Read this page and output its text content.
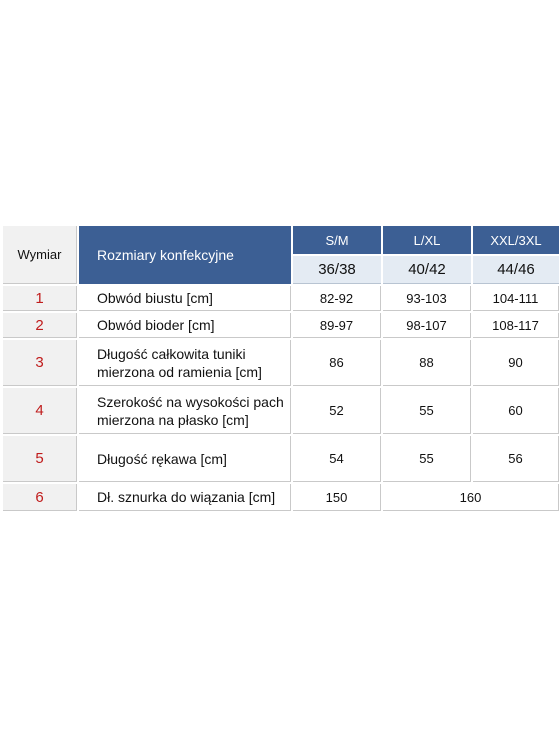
Wymiar	Rozmiary konfekcyjne	S/M	L/XL	XXL/3XL
		36/38	40/42	44/46
1	Obwód biustu [cm]	82-92	93-103	104-111
2	Obwód bioder [cm]	89-97	98-107	108-117
3	Długość całkowita tuniki mierzona od ramienia [cm]	86	88	90
4	Szerokość na wysokości pach mierzona na płasko [cm]	52	55	60
5	Długość rękawa [cm]	54	55	56
6	Dł. sznurka do wiązania [cm]	150	160	
